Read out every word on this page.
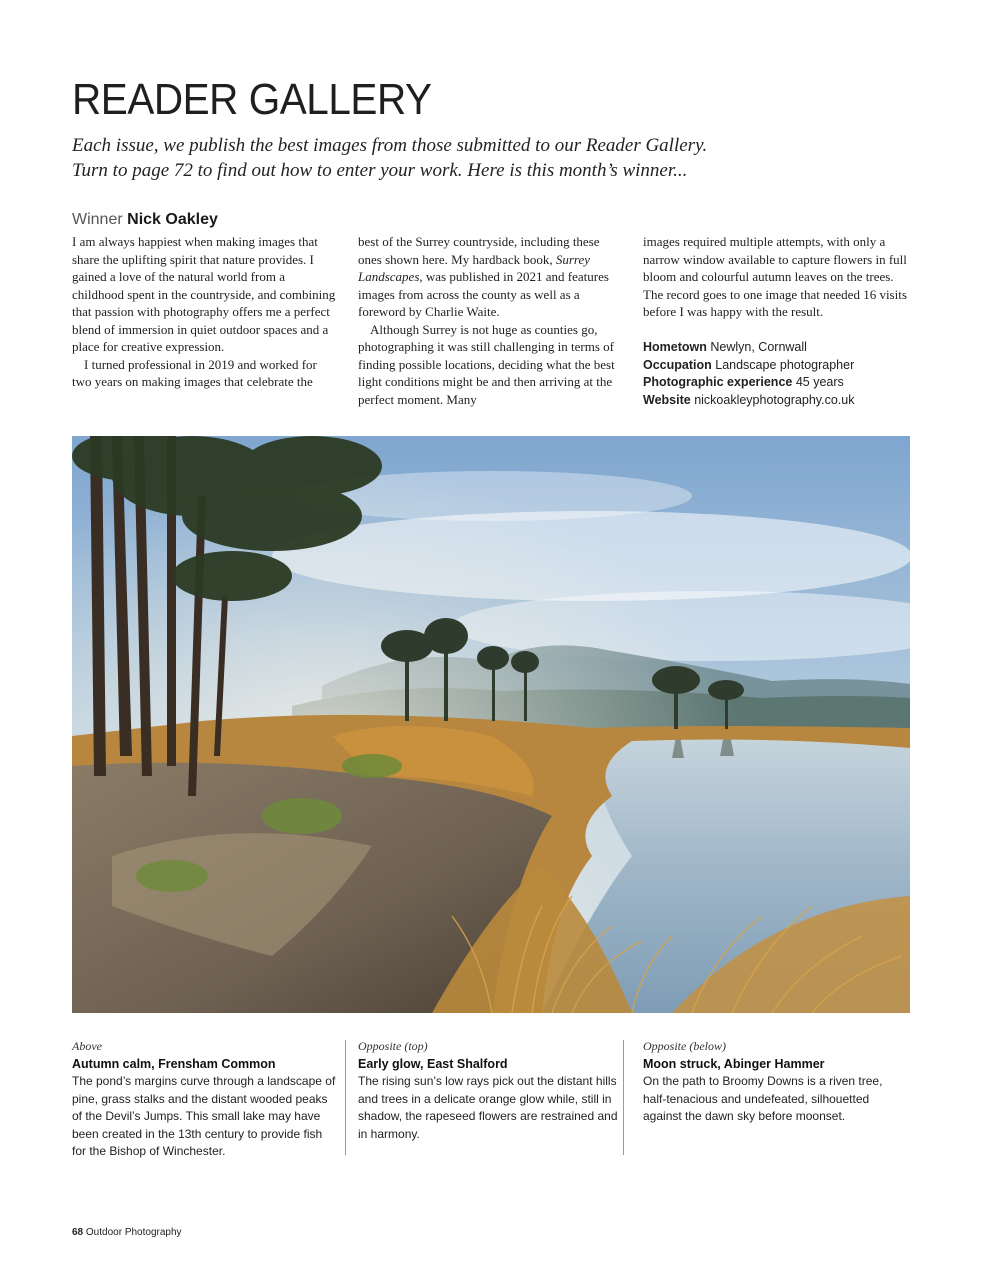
READER GALLERY
Each issue, we publish the best images from those submitted to our Reader Gallery.
Turn to page 72 to find out how to enter your work. Here is this month’s winner...
Winner Nick Oakley

I am always happiest when making images that share the uplifting spirit that nature provides. I gained a love of the natural world from a childhood spent in the countryside, and combining that passion with photography offers me a perfect blend of immersion in quiet outdoor spaces and a place for creative expression.

I turned professional in 2019 and worked for two years on making images that celebrate the

best of the Surrey countryside, including these ones shown here. My hardback book, Surrey Landscapes, was published in 2021 and features images from across the county as well as a foreword by Charlie Waite.

Although Surrey is not huge as counties go, photographing it was still challenging in terms of finding possible locations, deciding what the best light conditions might be and then arriving at the perfect moment. Many

images required multiple attempts, with only a narrow window available to capture flowers in full bloom and colourful autumn leaves on the trees. The record goes to one image that needed 16 visits before I was happy with the result.

Hometown Newlyn, Cornwall
Occupation Landscape photographer
Photographic experience 45 years
Website nickoakleyphotography.co.uk
Above
Autumn calm, Frensham Common
The pond’s margins curve through a landscape of pine, grass stalks and the distant wooded peaks of the Devil’s Jumps. This small lake may have been created in the 13th century to provide fish for the Bishop of Winchester.
Opposite (top)
Early glow, East Shalford
The rising sun’s low rays pick out the distant hills and trees in a delicate orange glow while, still in shadow, the rapeseed flowers are restrained and in harmony.
Opposite (below)
Moon struck, Abinger Hammer
On the path to Broomy Downs is a riven tree, half-tenacious and undefeated, silhouetted against the dawn sky before moonset.
68 Outdoor Photography
